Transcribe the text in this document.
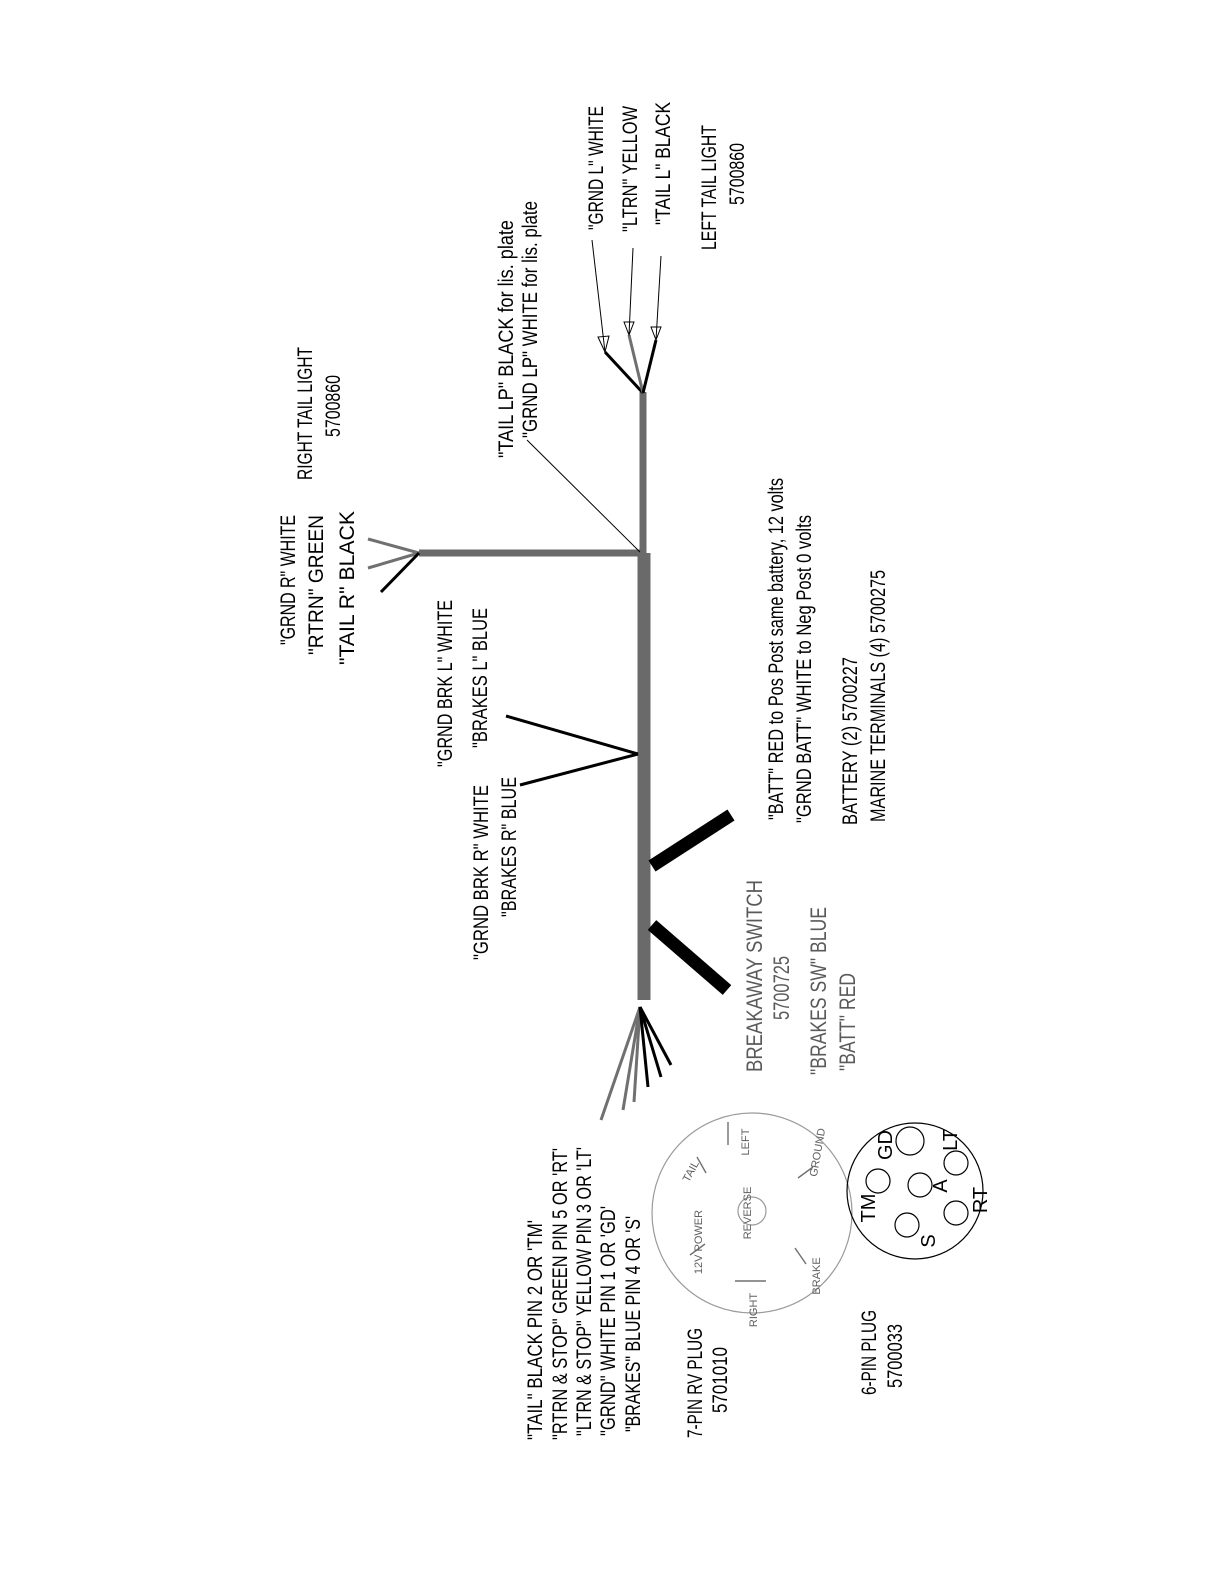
LEFT
TAIL	GROUND
12V POWER	REVERSE
BRAKE
RIGHT
GD LT
A
TM	RT
S
"GRND L" WHITE "LTRN" YELLOW "TAIL L" BLACK LEFT TAIL LIGHT 5700860
"TAIL LP" BLACK for lis. plate "GRND LP" WHITE for lis. plate
RIGHT TAIL LIGHT 5700860
"GRND R" WHITE "RTRN" GREEN "TAIL R" BLACK	"GRND BRK L" WHITE "BRAKES L" BLUE
"GRND BRK R" WHITE "BRAKES R" BLUE
"BATT" RED to Pos Post same battery, 12 volts "GRND BATT" WHITE to Neg Post 0 volts BATTERY (2) 5700227 MARINE TERMINALS (4) 5700275
BREAKAWAY SWITCH 5700725 "BRAKES SW" BLUE "BATT" RED
"TAIL" BLACK PIN 2 OR 'TM' "RTRN & STOP" GREEN PIN 5 OR 'RT' "LTRN & STOP" YELLOW PIN 3 OR 'LT' "GRND" WHITE PIN 1 OR 'GD' "BRAKES" BLUE PIN 4 OR 'S' 7-PIN RV PLUG 5701010	6-PIN PLUG 5700033
